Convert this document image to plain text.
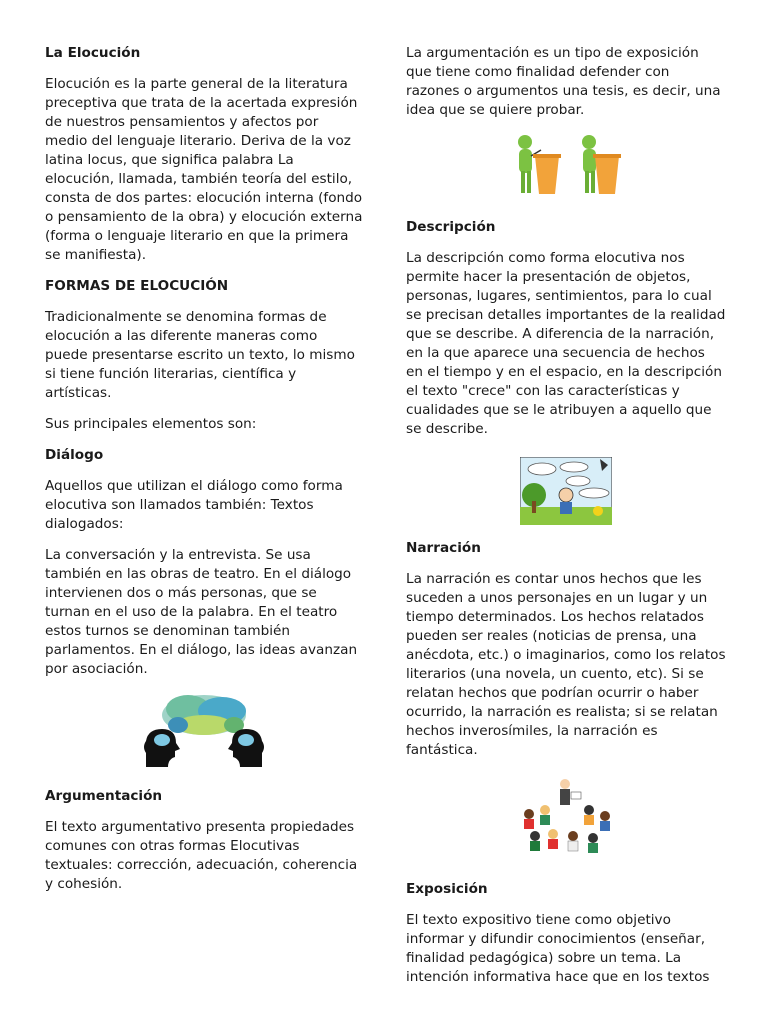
La Elocución

Elocución es la parte general de la literatura preceptiva que trata de la acertada expresión de nuestros pensamientos y afectos por medio del lenguaje literario. Deriva de la voz latina locus, que significa palabra La elocución, llamada, también teoría del estilo, consta de dos partes: elocución interna (fondo o pensamiento de la obra) y elocución externa (forma o lenguaje literario en que la primera se manifiesta).

FORMAS DE ELOCUCIÓN

Tradicionalmente se denomina formas de elocución a las diferente maneras como puede presentarse escrito un texto, lo mismo si tiene función literarias, científica y artísticas.

Sus principales elementos son:

Diálogo

Aquellos que utilizan el diálogo como forma elocutiva son llamados también: Textos dialogados:

La conversación y la entrevista. Se usa también en las obras de teatro. En el diálogo intervienen dos o más personas, que se turnan en el uso de la palabra. En el teatro estos turnos se denominan también parlamentos. En el diálogo, las ideas avanzan por asociación.

Argumentación

El texto argumentativo presenta propiedades comunes con otras formas Elocutivas textuales: corrección, adecuación, coherencia y cohesión.

La argumentación es un tipo de exposición que tiene como finalidad defender con razones o argumentos una tesis, es decir, una idea que se quiere probar.

Descripción

La descripción como forma elocutiva nos permite hacer la presentación de objetos, personas, lugares, sentimientos, para lo cual se precisan detalles importantes de la realidad que se describe. A diferencia de la narración, en la que aparece una secuencia de hechos en el tiempo y en el espacio, en la descripción el texto "crece" con las características y cualidades que se le atribuyen a aquello que se describe.

Narración

La narración es contar unos hechos que les suceden a unos personajes en un lugar y un tiempo determinados. Los hechos relatados pueden ser reales (noticias de prensa, una anécdota, etc.) o imaginarios, como los relatos literarios (una novela, un cuento, etc). Si se relatan hechos que podrían ocurrir o haber ocurrido, la narración es realista; si se relatan hechos inverosímiles, la narración es fantástica.

Exposición

El texto expositivo tiene como objetivo informar y difundir conocimientos (enseñar, finalidad pedagógica) sobre un tema. La intención informativa hace que en los textos
